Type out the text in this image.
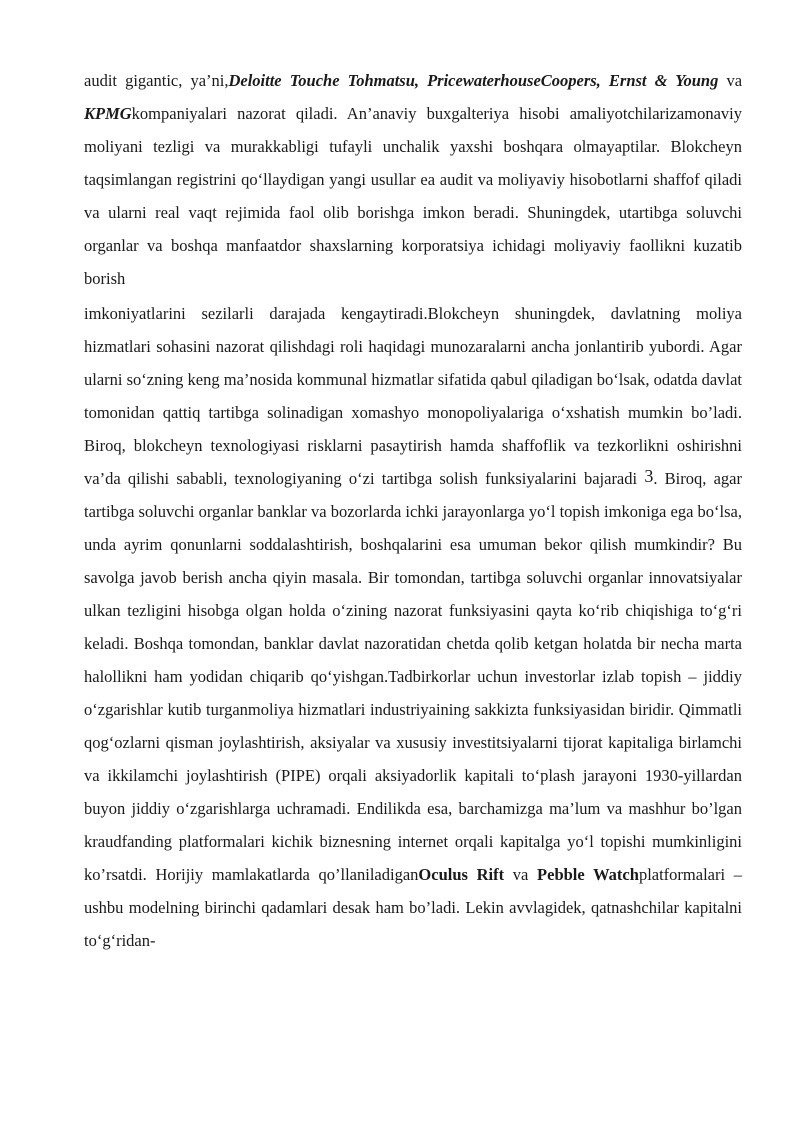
audit gigantic, ya’ni,Deloitte Touche Tohmatsu, PricewaterhouseCoopers, Ernst & Young va KPMGkompaniyalari nazorat qiladi. An’anaviy buxgalteriya hisobi amaliyotchilarizamonaviy moliyani tezligi va murakkabligi tufayli unchalik yaxshi boshqara olmayaptilar. Blokcheyn taqsimlangan registrini qo‘llaydigan yangi usullar ea audit va moliyaviy hisobotlarni shaffof qiladi va ularni real vaqt rejimida faol olib borishga imkon beradi. Shuningdek, utartibga soluvchi organlar va boshqa manfaatdor shaxslarning korporatsiya ichidagi moliyaviy faollikni kuzatib borish

imkoniyatlarini sezilarli darajada kengaytiradi.Blokcheyn shuningdek, davlatning moliya hizmatlari sohasini nazorat qilishdagi roli haqidagi munozaralarni ancha jonlantirib yubordi. Agar ularni so‘zning keng ma’nosida kommunal hizmatlar sifatida qabul qiladigan bo‘lsak, odatda davlat tomonidan qattiq tartibga solinadigan xomashyo monopoliyalariga o‘xshatish mumkin bo’ladi. Biroq, blokcheyn texnologiyasi risklarni pasaytirish hamda shaffoflik va tezkorlikni oshirishni va’da qilishi sababli, texnologiyaning o‘zi tartibga solish funksiyalarini bajaradi $^3$. Biroq, agar tartibga soluvchi organlar banklar va bozorlarda ichki jarayonlarga yo‘l topish imkoniga ega bo‘lsa, unda ayrim qonunlarni soddalashtirish, boshqalarini esa umuman bekor qilish mumkindir? Bu savolga javob berish ancha qiyin masala. Bir tomondan, tartibga soluvchi organlar innovatsiyalar ulkan tezligini hisobga olgan holda o‘zining nazorat funksiyasini qayta ko‘rib chiqishiga to‘g‘ri keladi. Boshqa tomondan, banklar davlat nazoratidan chetda qolib ketgan holatda bir necha marta halollikni ham yodidan chiqarib qo‘yishgan.Tadbirkorlar uchun investorlar izlab topish – jiddiy o‘zgarishlar kutib turganmoliya hizmatlari industriyaining sakkizta funksiyasidan biridir. Qimmatli qog‘ozlarni qisman joylashtirish, aksiyalar va xususiy investitsiyalarni tijorat kapitaliga birlamchi va ikkilamchi joylashtirish (PIPE) orqali aksiyadorlik kapitali to‘plash jarayoni 1930-yillardan buyon jiddiy o‘zgarishlarga uchramadi. Endilikda esa, barchamizga ma’lum va mashhur bo’lgan kraudfanding platformalari kichik biznesning internet orqali kapitalga yo‘l topishi mumkinligini ko’rsatdi. Horijiy mamlakatlarda qo’llaniladiganOculus Rift va Pebble Watchplatformalari – ushbu modelning birinchi qadamlari desak ham bo’ladi. Lekin avvlagidek, qatnashchilar kapitalni to‘g‘ridan-
